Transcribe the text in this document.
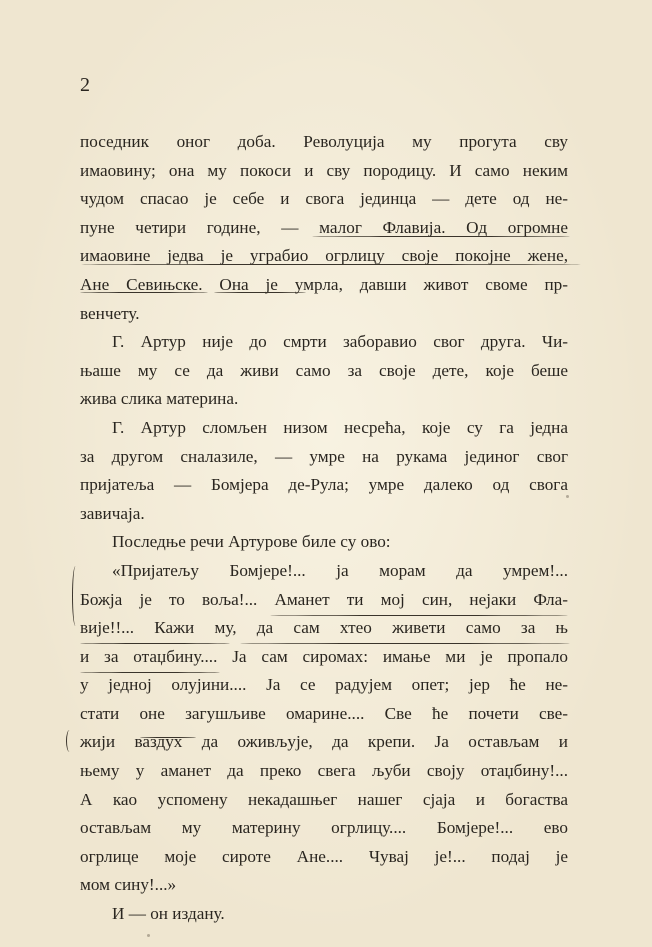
2
поседник оног доба. Револуција му прогута сву
имаовину; она му покоси и сву породицу. И само неким
чудом спасао је себе и свога јединца — дете од не-
пуне четири године, — малог Флавија. Од огромне
имаовине једва је уграбио огрлицу своје покојне жене,
Ане Севињске. Она је умрла, давши живот своме пр-
венчету.
Г. Артур није до смрти заборавио свог друга. Чи-
њаше му се да живи само за своје дете, које беше
жива слика материна.
Г. Артур сломљен низом несрећа, које су га једна
за другом сналазиле, — умре на рукама јединог свог
пријатеља — Бомјера де-Рула; умре далеко од свога
завичаја.
Последње речи Артурове биле су ово:
«Пријатељу Бомјере!... ја морам да умрем!...
Божја је то воља!... Аманет ти мој син, нејаки Фла-
вије!!... Кажи му, да сам хтео живети само за њ
и за отаџбину.... Ја сам сиромах: имање ми је пропало
у једној олујини.... Ја се радујем опет; јер ће не-
стати оне загушљиве омарине.... Све ће почети све-
жији ваздух да оживљује, да крепи. Ја остављам и
њему у аманет да преко свега љуби своју отаџбину!...
А као успомену некадашњег нашег сјаја и богаства
остављам му материну огрлицу.... Бомјере!... ево
огрлице моје сироте Ане.... Чувај је!... подај је
мом сину!...»
И — он издану.
